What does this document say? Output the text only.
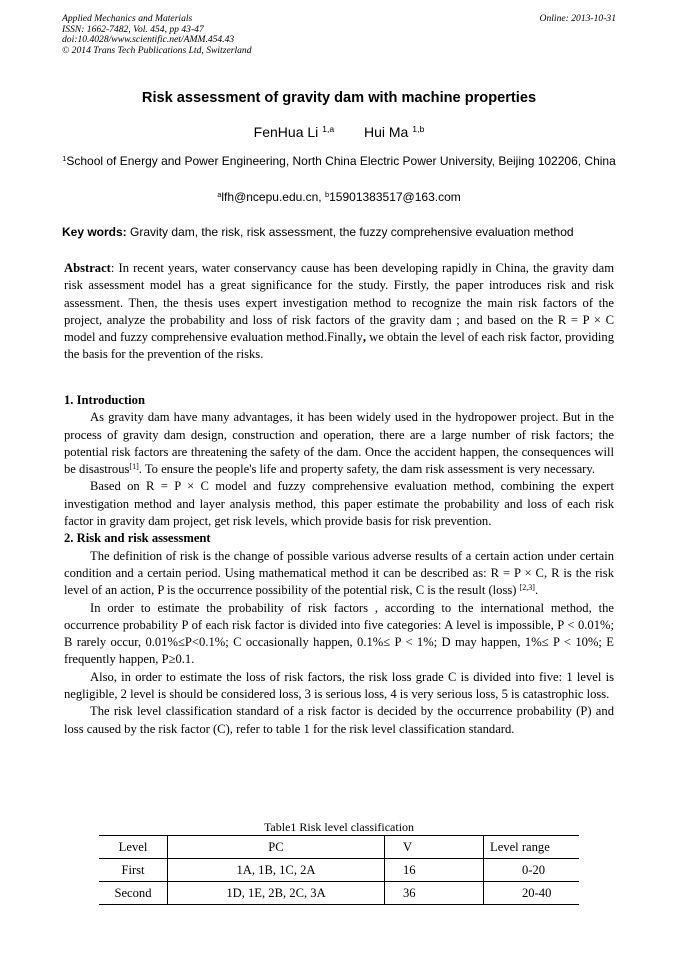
Applied Mechanics and Materials
ISSN: 1662-7482, Vol. 454, pp 43-47
doi:10.4028/www.scientific.net/AMM.454.43
© 2014 Trans Tech Publications Ltd, Switzerland
Online: 2013-10-31
Risk assessment of gravity dam with machine properties
FenHua Li $^{1,a}$ Hui Ma $^{1,b}$
$^1$School of Energy and Power Engineering, North China Electric Power University, Beijing 102206, China
$^a$lfh@ncepu.edu.cn, $^b$15901383517@163.com
Key words: Gravity dam, the risk, risk assessment, the fuzzy comprehensive evaluation method

Abstract: In recent years, water conservancy cause has been developing rapidly in China, the gravity dam risk assessment model has a great significance for the study. Firstly, the paper introduces risk and risk assessment. Then, the thesis uses expert investigation method to recognize the main risk factors of the project, analyze the probability and loss of risk factors of the gravity dam ; and based on the R = P × C model and fuzzy comprehensive evaluation method.Finally, we obtain the level of each risk factor, providing the basis for the prevention of the risks.

1. Introduction

As gravity dam have many advantages, it has been widely used in the hydropower project. But in the process of gravity dam design, construction and operation, there are a large number of risk factors; the potential risk factors are threatening the safety of the dam. Once the accident happen, the consequences will be disastrous[1]. To ensure the people's life and property safety, the dam risk assessment is very necessary.

Based on R = P × C model and fuzzy comprehensive evaluation method, combining the expert investigation method and layer analysis method, this paper estimate the probability and loss of each risk factor in gravity dam project, get risk levels, which provide basis for risk prevention.

2. Risk and risk assessment

The definition of risk is the change of possible various adverse results of a certain action under certain condition and a certain period. Using mathematical method it can be described as: R = P × C, R is the risk level of an action, P is the occurrence possibility of the potential risk, C is the result (loss) [2,3].

In order to estimate the probability of risk factors , according to the international method, the occurrence probability P of each risk factor is divided into five categories: A level is impossible, P < 0.01%; B rarely occur, 0.01%≤P<0.1%; C occasionally happen, 0.1%≤ P < 1%; D may happen, 1%≤ P < 10%; E frequently happen, P≥0.1.

Also, in order to estimate the loss of risk factors, the risk loss grade C is divided into five: 1 level is negligible, 2 level is should be considered loss, 3 is serious loss, 4 is very serious loss, 5 is catastrophic loss.

The risk level classification standard of a risk factor is decided by the occurrence probability (P) and loss caused by the risk factor (C), refer to table 1 for the risk level classification standard.

Table1 Risk level classification
Level	PC	V	Level range
First	1A, 1B, 1C, 2A	16	0-20
Second	1D, 1E, 2B, 2C, 3A	36	20-40
